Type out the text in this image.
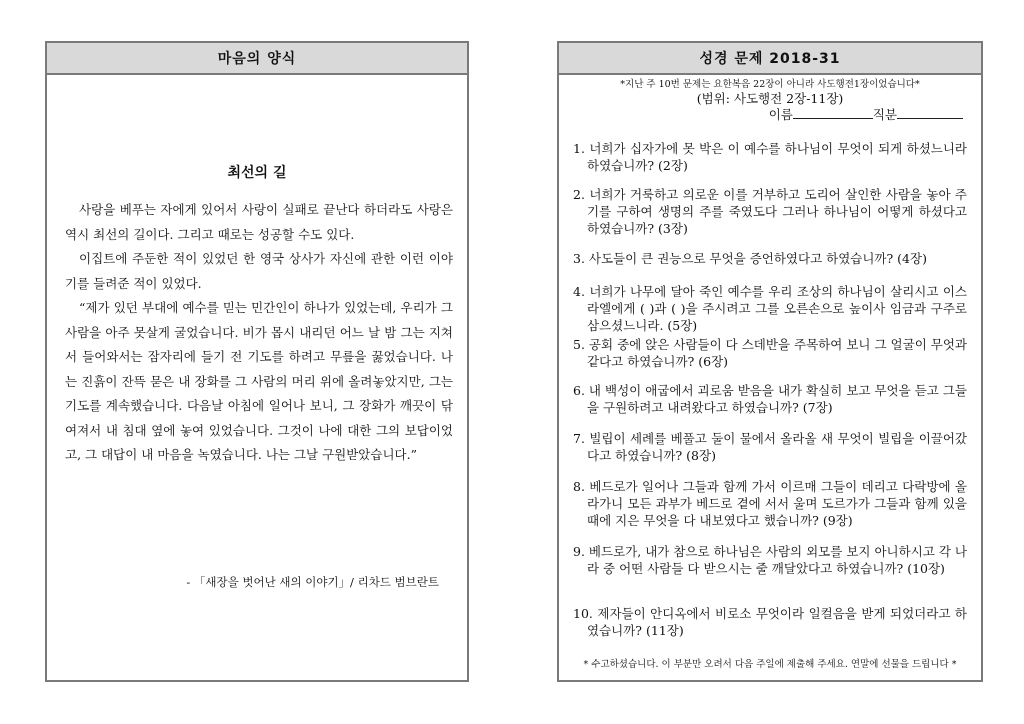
마음의 양식
최선의 길

사랑을 베푸는 자에게 있어서 사랑이 실패로 끝난다 하더라도 사랑은 역시 최선의 길이다. 그리고 때로는 성공할 수도 있다.

이집트에 주둔한 적이 있었던 한 영국 상사가 자신에 관한 이런 이야기를 들려준 적이 있었다.

“제가 있던 부대에 예수를 믿는 민간인이 하나가 있었는데, 우리가 그 사람을 아주 못살게 굴었습니다. 비가 몹시 내리던 어느 날 밤 그는 지쳐서 들어와서는 잠자리에 들기 전 기도를 하려고 무릎을 꿇었습니다. 나는 진흙이 잔뜩 묻은 내 장화를 그 사람의 머리 위에 올려놓았지만, 그는 기도를 계속했습니다. 다음날 아침에 일어나 보니, 그 장화가 깨끗이 닦여져서 내 침대 옆에 놓여 있었습니다. 그것이 나에 대한 그의 보답이었고, 그 대답이 내 마음을 녹였습니다. 나는 그날 구원받았습니다.”

- 「새장을 벗어난 새의 이야기」/ 리차드 범브란트
성경 문제 2018-31
*지난 주 10번 문제는 요한복음 22장이 아니라 사도행전1장이었습니다*
(범위: 사도행전 2장-11장)
이름	직분
1. 너희가 십자가에 못 박은 이 예수를 하나님이 무엇이 되게 하셨느니라 하였습니까? (2장)
2. 너희가 거룩하고 의로운 이를 거부하고 도리어 살인한 사람을 놓아 주기를 구하여 생명의 주를 죽였도다 그러나 하나님이 어떻게 하셨다고 하였습니까? (3장)
3. 사도들이 큰 권능으로 무엇을 증언하였다고 하였습니까? (4장)
4. 너희가 나무에 달아 죽인 예수를 우리 조상의 하나님이 살리시고 이스라엘에게 ( )과 ( )을 주시려고 그를 오른손으로 높이사 임금과 구주로 삼으셨느니라. (5장)
5. 공회 중에 앉은 사람들이 다 스데반을 주목하여 보니 그 얼굴이 무엇과 같다고 하였습니까? (6장)
6. 내 백성이 애굽에서 괴로움 받음을 내가 확실히 보고 무엇을 듣고 그들을 구원하려고 내려왔다고 하였습니까? (7장)
7. 빌립이 세례를 베풀고 둘이 물에서 올라올 새 무엇이 빌립을 이끌어갔다고 하였습니까? (8장)
8. 베드로가 일어나 그들과 함께 가서 이르매 그들이 데리고 다락방에 올라가니 모든 과부가 베드로 곁에 서서 울며 도르가가 그들과 함께 있을 때에 지은 무엇을 다 내보였다고 했습니까? (9장)
9. 베드로가, 내가 참으로 하나님은 사람의 외모를 보지 아니하시고 각 나라 중 어떤 사람들 다 받으시는 줄 깨달았다고 하였습니까? (10장)
10. 제자들이 안디옥에서 비로소 무엇이라 일컬음을 받게 되었더라고 하였습니까? (11장)
* 수고하셨습니다. 이 부분만 오려서 다음 주일에 제출해 주세요. 연말에 선물을 드립니다 *
